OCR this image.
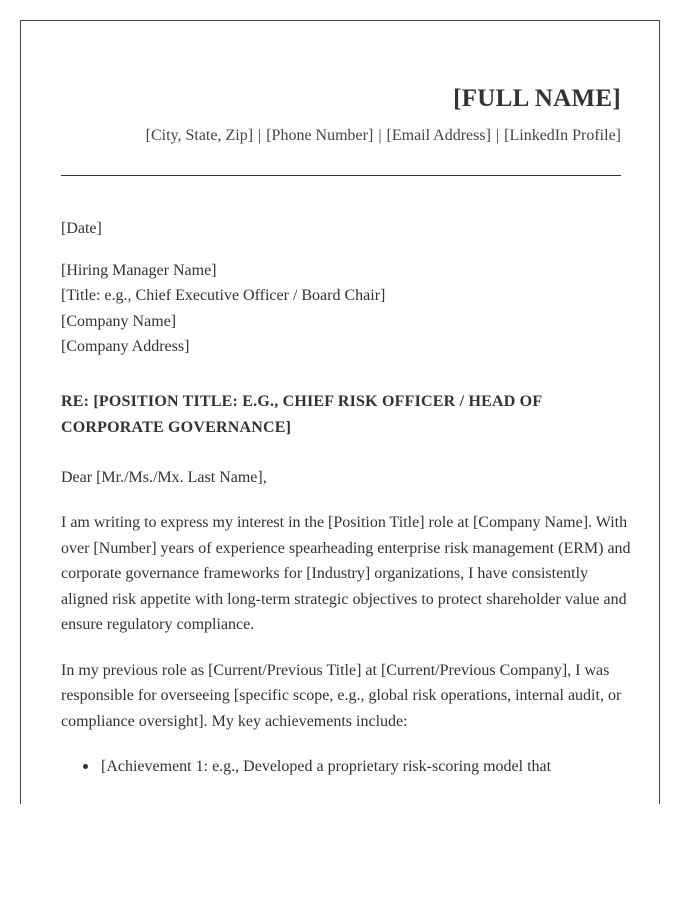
[FULL NAME]
[City, State, Zip] | [Phone Number] | [Email Address] | [LinkedIn Profile]
[Date]
[Hiring Manager Name]
[Title: e.g., Chief Executive Officer / Board Chair]
[Company Name]
[Company Address]
RE: [POSITION TITLE: E.G., CHIEF RISK OFFICER / HEAD OF CORPORATE GOVERNANCE]
Dear [Mr./Ms./Mx. Last Name],
I am writing to express my interest in the [Position Title] role at [Company Name]. With over [Number] years of experience spearheading enterprise risk management (ERM) and corporate governance frameworks for [Industry] organizations, I have consistently aligned risk appetite with long-term strategic objectives to protect shareholder value and ensure regulatory compliance.
In my previous role as [Current/Previous Title] at [Current/Previous Company], I was responsible for overseeing [specific scope, e.g., global risk operations, internal audit, or compliance oversight]. My key achievements include:
[Achievement 1: e.g., Developed a proprietary risk-scoring model that
